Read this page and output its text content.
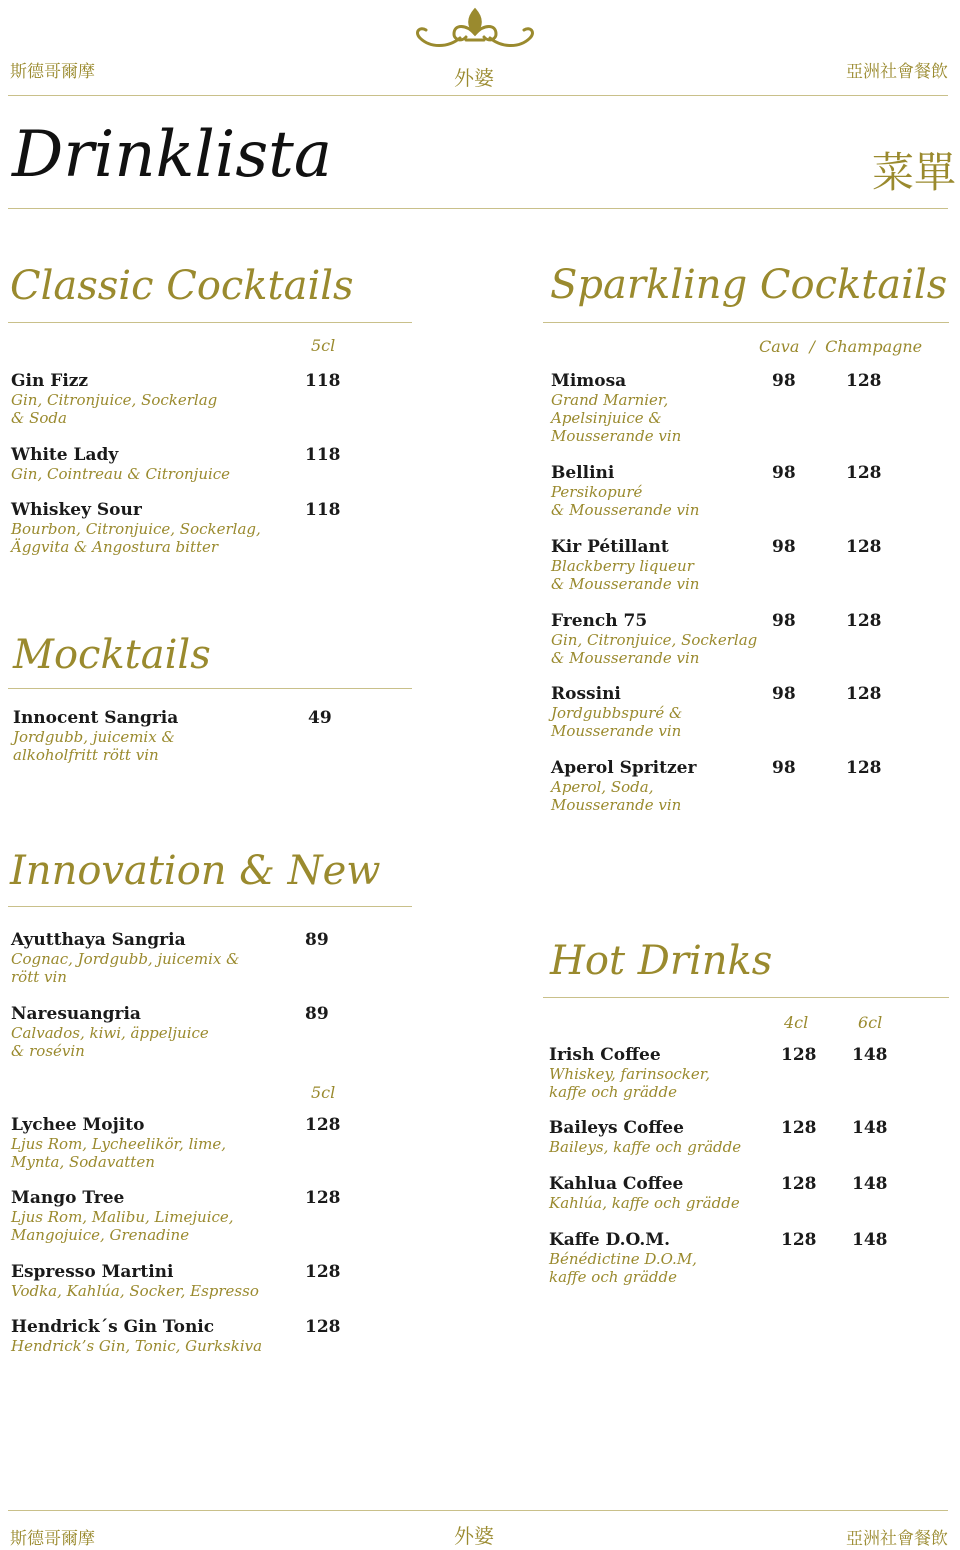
斯德哥爾摩	外婆	亞洲社會餐飲
Drinklista	菜單
Classic Cocktails
5cl
Gin Fizz
Gin, Citronjuice, Sockerlag
& Soda
118
White Lady
Gin, Cointreau & Citronjuice
118
Whiskey Sour
Bourbon, Citronjuice, Sockerlag,
Äggvita & Angostura bitter
118
Mocktails
Innocent Sangria
Jordgubb, juicemix &
alkoholfritt rött vin
49
Sparkling Cocktails
Cava  /  Champagne
Mimosa
Grand Marnier,
Apelsinjuice &
Mousserande vin
98	128
Bellini
Persikopuré
& Mousserande vin
98	128
Kir Pétillant
Blackberry liqueur
& Mousserande vin
98	128
French 75
Gin, Citronjuice, Sockerlag
& Mousserande vin
98	128
Rossini
Jordgubbspuré &
Mousserande vin
98	128
Aperol Spritzer
Aperol, Soda,
Mousserande vin
98	128
Innovation & New
5cl
Ayutthaya Sangria
Cognac, Jordgubb, juicemix &
rött vin
89
Naresuangria
Calvados, kiwi, äppeljuice
& rosévin
89
Lychee Mojito
Ljus Rom, Lycheelikör, lime,
Mynta, Sodavatten
128
Mango Tree
Ljus Rom, Malibu, Limejuice,
Mangojuice, Grenadine
128
Espresso Martini
Vodka, Kahlúa, Socker, Espresso
128
Hendrick´s Gin Tonic
Hendrick’s Gin, Tonic, Gurkskiva
128
Hot Drinks
4cl	6cl
Irish Coffee
Whiskey, farinsocker,
kaffe och grädde
128 148
Baileys Coffee
Baileys, kaffe och grädde
128 148
Kahlua Coffee
Kahlúa, kaffe och grädde
128 148
Kaffe D.O.M.
Bénédictine D.O.M,
kaffe och grädde
128 148
斯德哥爾摩	外婆	亞洲社會餐飲
